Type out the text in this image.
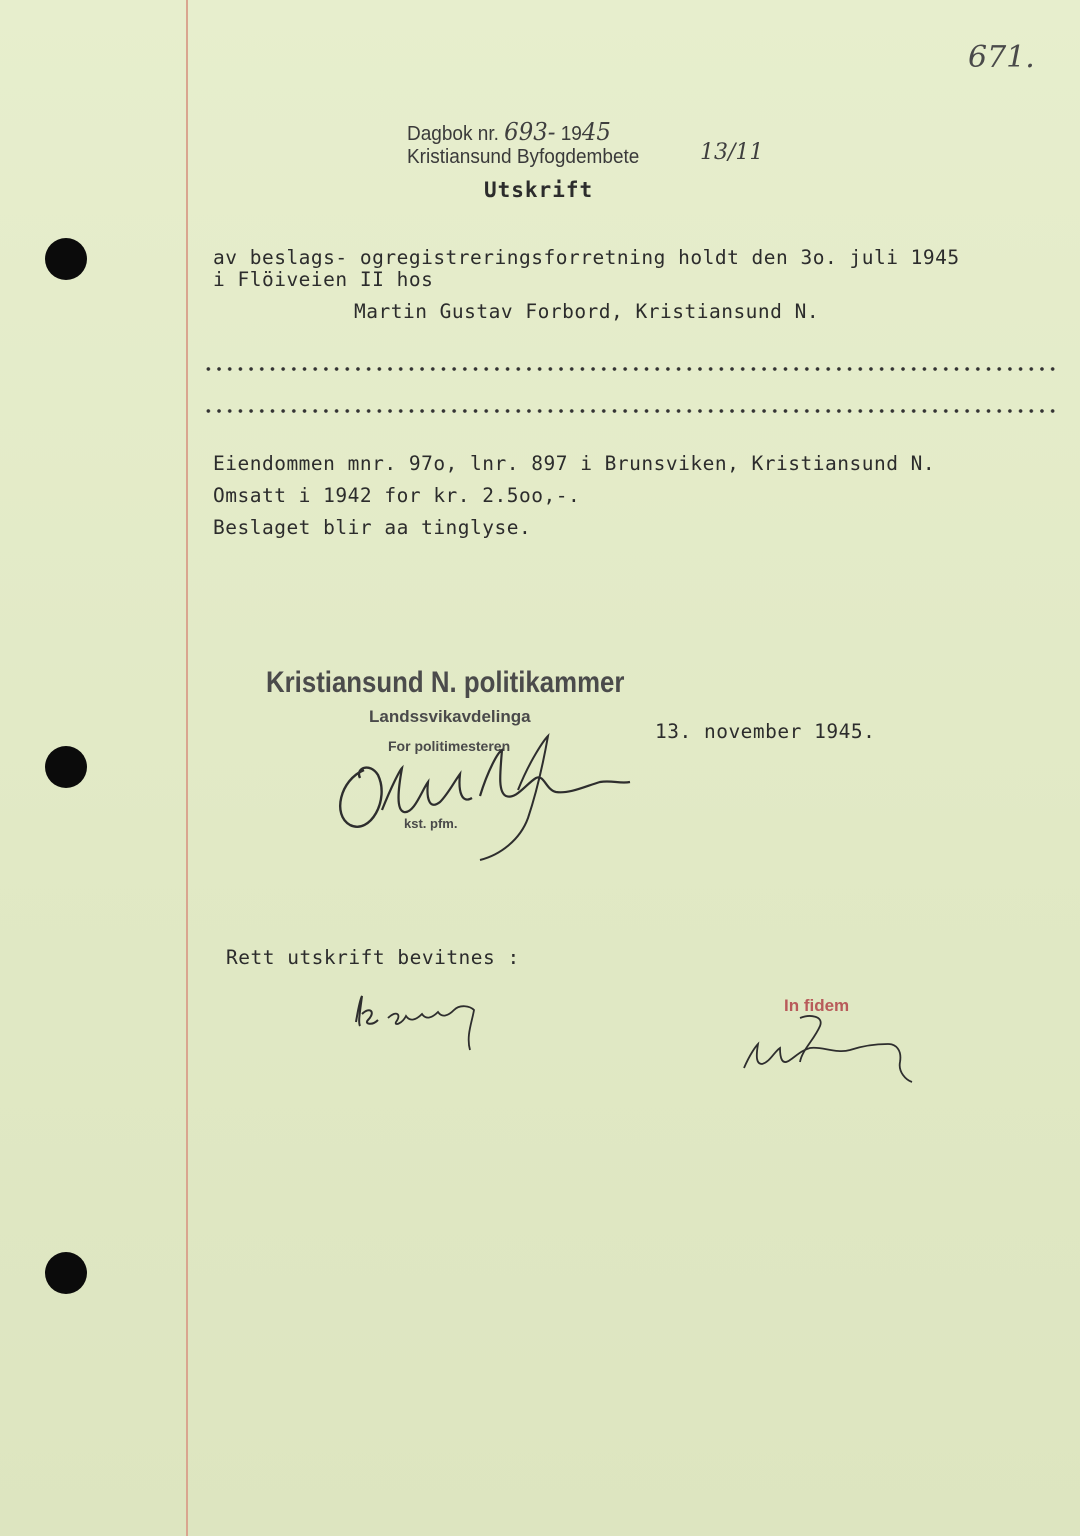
671.
Dagbok nr. 693- 1945
Kristiansund Byfogdembete	13/11
Utskrift
av beslags- ogregistreringsforretning holdt den 3o. juli 1945
i Flöiveien II hos
Martin Gustav Forbord, Kristiansund N.
Eiendommen mnr. 97o, lnr. 897 i Brunsviken, Kristiansund N.
Omsatt i 1942 for kr. 2.5oo,-.
Beslaget blir aa tinglyse.
Kristiansund N. politikammer
Landssvikavdelinga
For politimesteren
kst. pfm.
13. november 1945.
Rett utskrift bevitnes :
In fidem
